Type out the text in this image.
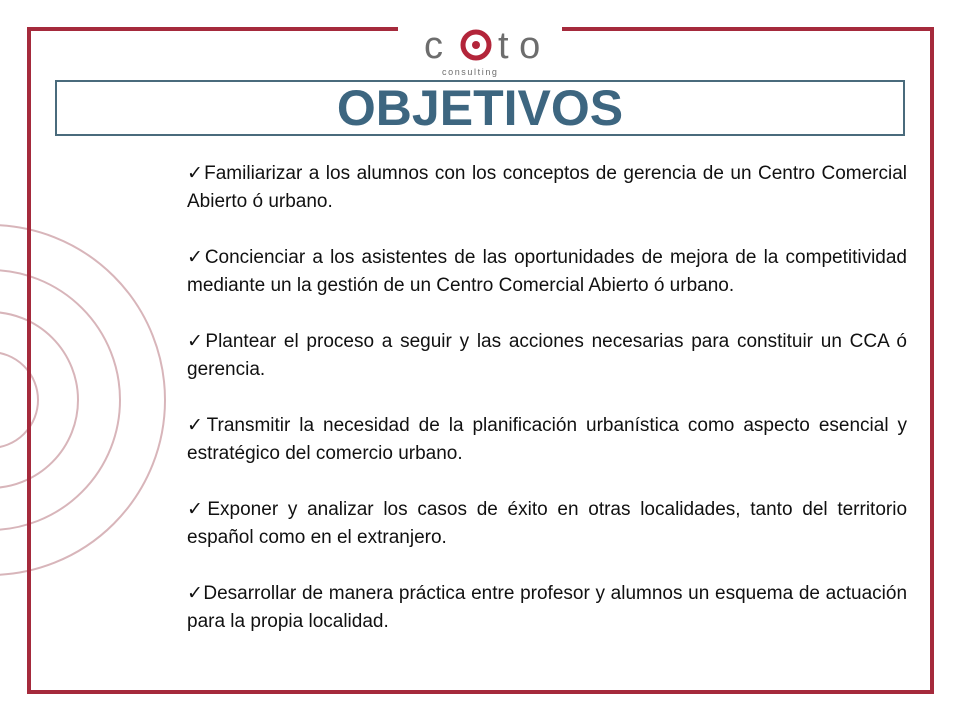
c t o
consulting
OBJETIVOS
✓Familiarizar a los alumnos con los conceptos de gerencia de un Centro Comercial Abierto ó urbano.
✓Concienciar a los asistentes de las oportunidades de mejora de la competitividad mediante un la gestión de un Centro Comercial Abierto ó urbano.
✓Plantear el proceso a seguir y las acciones necesarias para constituir un CCA ó gerencia.
✓Transmitir la necesidad de la planificación urbanística como aspecto esencial y estratégico del comercio urbano.
✓Exponer y analizar los casos de éxito en otras localidades, tanto del territorio español como en el extranjero.
✓Desarrollar de manera práctica entre profesor y alumnos un esquema de actuación para la propia localidad.
